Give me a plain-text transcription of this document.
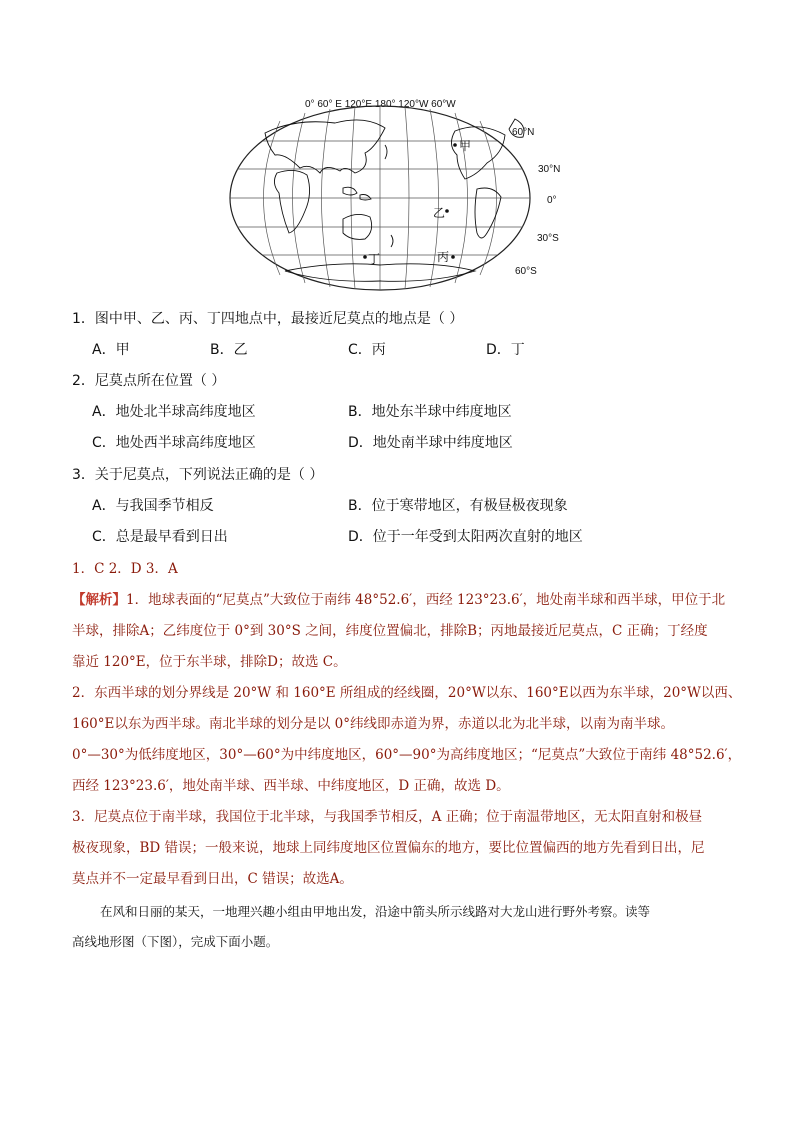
0° 60° E 120°E 180° 120°W 60°W
60°N
30°N
0°
30°S
60°S
甲
乙
丙
丁
1．图中甲、乙、丙、丁四地点中，最接近尼莫点的地点是（ ）
A．甲	B．乙	C．丙	D．丁
2．尼莫点所在位置（ ）
A．地处北半球高纬度地区	B．地处东半球中纬度地区
C．地处西半球高纬度地区	D．地处南半球中纬度地区
3．关于尼莫点，下列说法正确的是（ ）
A．与我国季节相反	B．位于寒带地区，有极昼极夜现象
C．总是最早看到日出	D．位于一年受到太阳两次直射的地区
1．C 2．D 3．A
【解析】1．地球表面的“尼莫点”大致位于南纬 48°52.6′，西经 123°23.6′，地处南半球和西半球，甲位于北
半球，排除A；乙纬度位于 0°到 30°S 之间，纬度位置偏北，排除B；丙地最接近尼莫点，C 正确；丁经度
靠近 120°E，位于东半球，排除D；故选 C。
2．东西半球的划分界线是 20°W 和 160°E 所组成的经线圈，20°W以东、160°E以西为东半球，20°W以西、
160°E以东为西半球。南北半球的划分是以 0°纬线即赤道为界，赤道以北为北半球，以南为南半球。
0°—30°为低纬度地区，30°—60°为中纬度地区，60°—90°为高纬度地区；“尼莫点”大致位于南纬 48°52.6′，
西经 123°23.6′，地处南半球、西半球、中纬度地区，D 正确，故选 D。
3．尼莫点位于南半球，我国位于北半球，与我国季节相反，A 正确；位于南温带地区，无太阳直射和极昼
极夜现象，BD 错误；一般来说，地球上同纬度地区位置偏东的地方，要比位置偏西的地方先看到日出，尼
莫点并不一定最早看到日出，C 错误；故选A。
在风和日丽的某天，一地理兴趣小组由甲地出发，沿途中箭头所示线路对大龙山进行野外考察。读等
高线地形图（下图），完成下面小题。
